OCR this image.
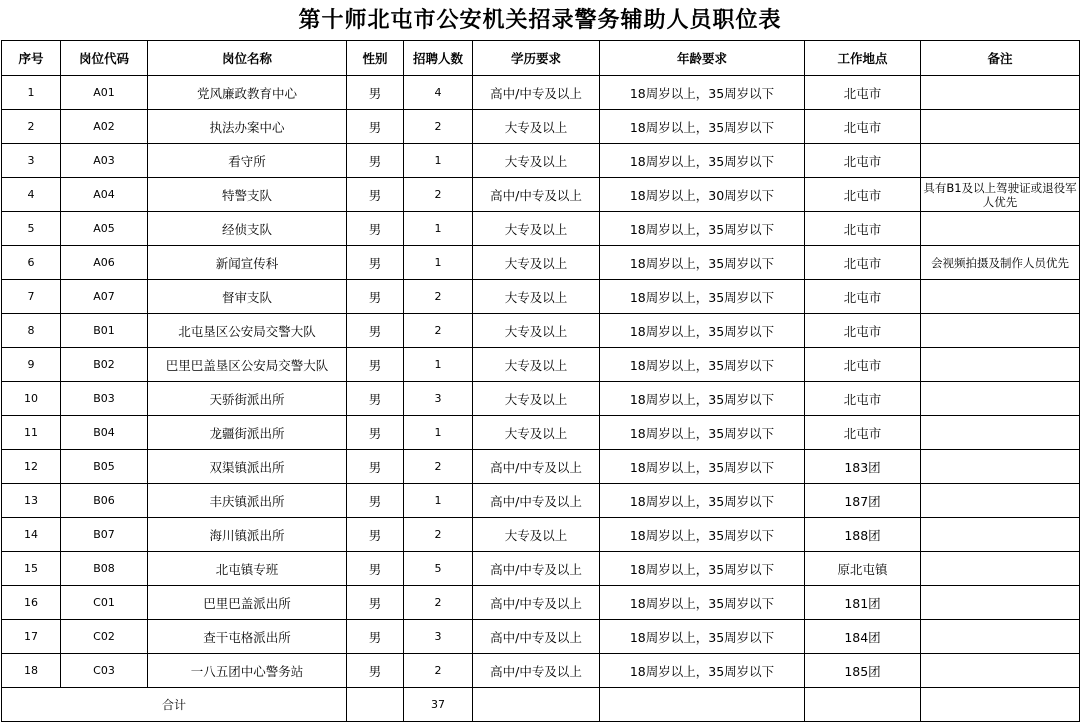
第十师北屯市公安机关招录警务辅助人员职位表
序号	岗位代码	岗位名称	性别	招聘人数	学历要求	年龄要求	工作地点	备注
1	A01	党风廉政教育中心	男	4	高中/中专及以上	18周岁以上，35周岁以下	北屯市	
2	A02	执法办案中心	男	2	大专及以上	18周岁以上，35周岁以下	北屯市	
3	A03	看守所	男	1	大专及以上	18周岁以上，35周岁以下	北屯市	
4	A04	特警支队	男	2	高中/中专及以上	18周岁以上，30周岁以下	北屯市	具有B1及以上驾驶证或退役军人优先
5	A05	经侦支队	男	1	大专及以上	18周岁以上，35周岁以下	北屯市	
6	A06	新闻宣传科	男	1	大专及以上	18周岁以上，35周岁以下	北屯市	会视频拍摄及制作人员优先
7	A07	督审支队	男	2	大专及以上	18周岁以上，35周岁以下	北屯市	
8	B01	北屯垦区公安局交警大队	男	2	大专及以上	18周岁以上，35周岁以下	北屯市	
9	B02	巴里巴盖垦区公安局交警大队	男	1	大专及以上	18周岁以上，35周岁以下	北屯市	
10	B03	天骄街派出所	男	3	大专及以上	18周岁以上，35周岁以下	北屯市	
11	B04	龙疆街派出所	男	1	大专及以上	18周岁以上，35周岁以下	北屯市	
12	B05	双渠镇派出所	男	2	高中/中专及以上	18周岁以上，35周岁以下	183团	
13	B06	丰庆镇派出所	男	1	高中/中专及以上	18周岁以上，35周岁以下	187团	
14	B07	海川镇派出所	男	2	大专及以上	18周岁以上，35周岁以下	188团	
15	B08	北屯镇专班	男	5	高中/中专及以上	18周岁以上，35周岁以下	原北屯镇	
16	C01	巴里巴盖派出所	男	2	高中/中专及以上	18周岁以上，35周岁以下	181团	
17	C02	查干屯格派出所	男	3	高中/中专及以上	18周岁以上，35周岁以下	184团	
18	C03	一八五团中心警务站	男	2	高中/中专及以上	18周岁以上，35周岁以下	185团	
合计				37				
